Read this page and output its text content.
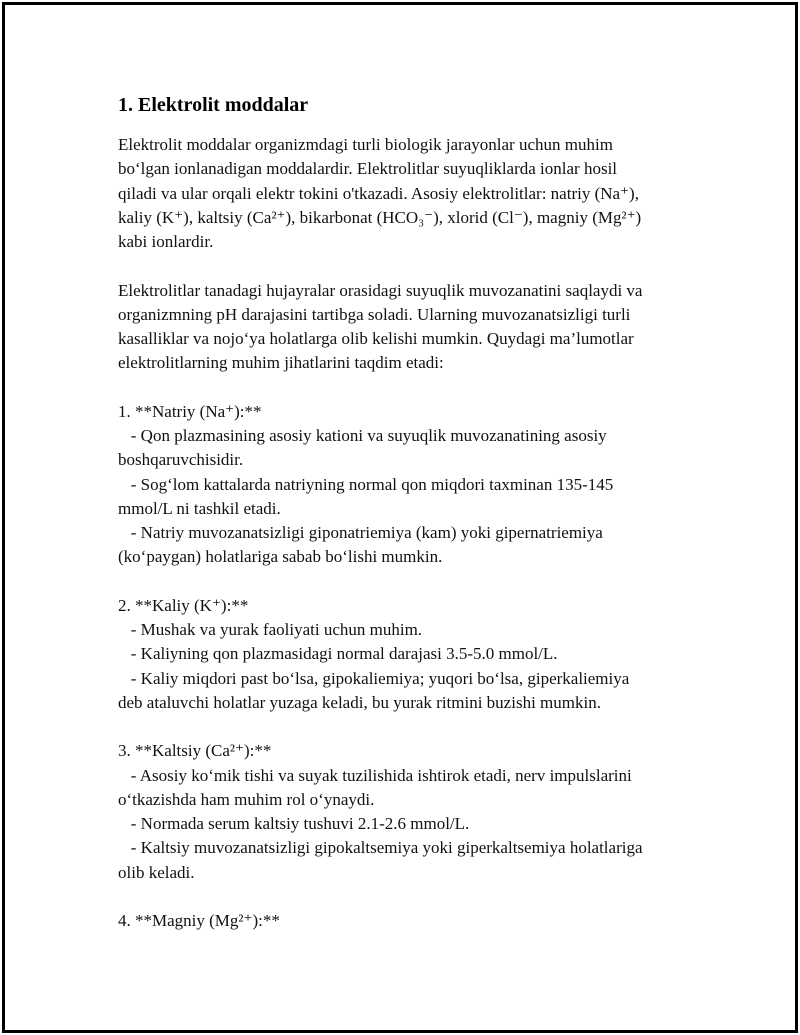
1. Elektrolit moddalar
Elektrolit moddalar organizmdagi turli biologik jarayonlar uchun muhim
bo‘lgan ionlanadigan moddalardir. Elektrolitlar suyuqliklarda ionlar hosil
qiladi va ular orqali elektr tokini o'tkazadi. Asosiy elektrolitlar: natriy (Na⁺),
kaliy (K⁺), kaltsiy (Ca²⁺), bikarbonat (HCO₃⁻), xlorid (Cl⁻), magniy (Mg²⁺)
kabi ionlardir.
Elektrolitlar tanadagi hujayralar orasidagi suyuqlik muvozanatini saqlaydi va
organizmning pH darajasini tartibga soladi. Ularning muvozanatsizligi turli
kasalliklar va nojo‘ya holatlarga olib kelishi mumkin. Quydagi ma’lumotlar
elektrolitlarning muhim jihatlarini taqdim etadi:
1. **Natriy (Na⁺):**
- Qon plazmasining asosiy kationi va suyuqlik muvozanatining asosiy
boshqaruvchisidir.
- Sog‘lom kattalarda natriyning normal qon miqdori taxminan 135-145
mmol/L ni tashkil etadi.
- Natriy muvozanatsizligi giponatriemiya (kam) yoki gipernatriemiya
(ko‘paygan) holatlariga sabab bo‘lishi mumkin.
2. **Kaliy (K⁺):**
- Mushak va yurak faoliyati uchun muhim.
- Kaliyning qon plazmasidagi normal darajasi 3.5-5.0 mmol/L.
- Kaliy miqdori past bo‘lsa, gipokaliemiya; yuqori bo‘lsa, giperkaliemiya
deb ataluvchi holatlar yuzaga keladi, bu yurak ritmini buzishi mumkin.
3. **Kaltsiy (Ca²⁺):**
- Asosiy ko‘mik tishi va suyak tuzilishida ishtirok etadi, nerv impulslarini
o‘tkazishda ham muhim rol o‘ynaydi.
- Normada serum kaltsiy tushuvi 2.1-2.6 mmol/L.
- Kaltsiy muvozanatsizligi gipokaltsemiya yoki giperkaltsemiya holatlariga
olib keladi.
4. **Magniy (Mg²⁺):**
